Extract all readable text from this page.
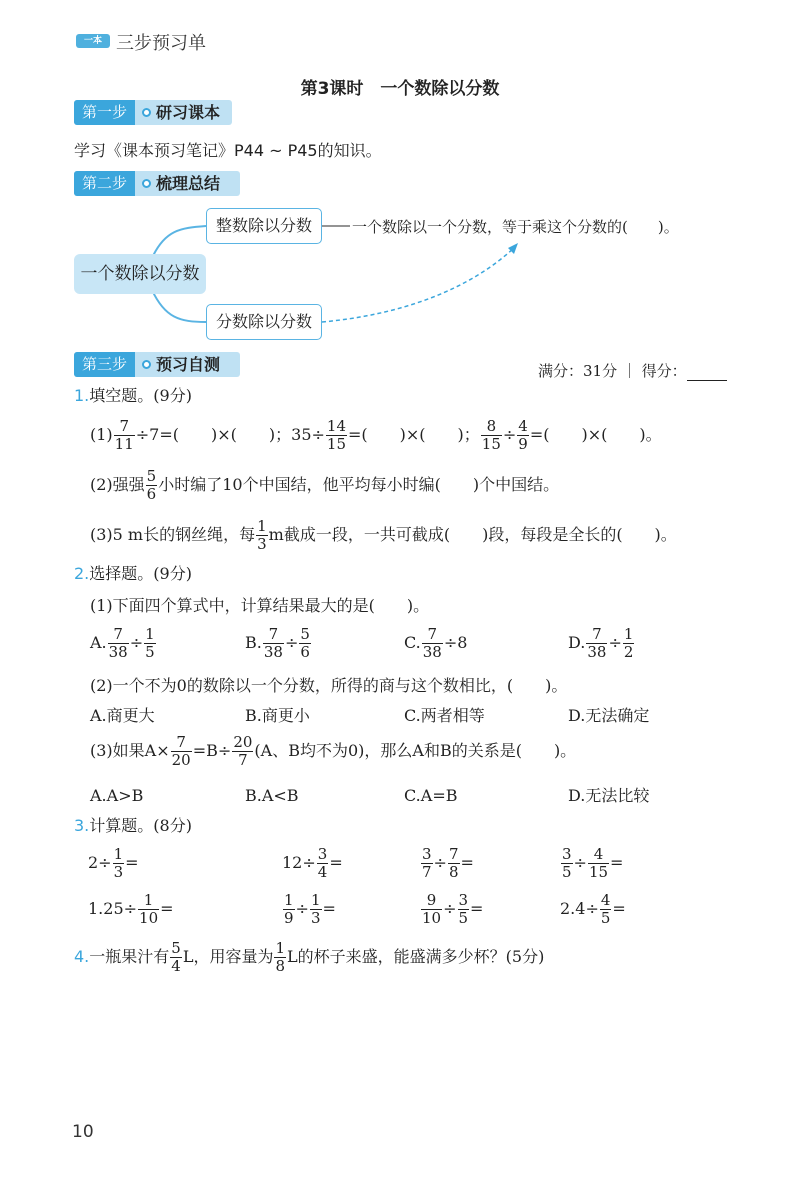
一本 三步预习单
第3课时　一个数除以分数
第一步	研习课本
学习《课本预习笔记》P44 ~ P45的知识。
第二步	梳理总结
一个数除以分数
整数除以分数
分数除以分数
一个数除以一个分数，等于乘这个分数的(　　)。
第三步	预习自测	满分：31分 ｜ 得分：
1.填空题。(9分)
$(1) \frac{7}{11} \div 7=$(　　)×(　　)；$35\div \frac{14}{15}$ =(　　)×(　　)； $\frac{8}{15} \div \frac{4}{9}$ =(　　)×(　　)。
(2)强强 $\frac{5}{6}$ 小时编了10个中国结，他平均每小时编(　　)个中国结。
(3)5 m长的钢丝绳，每 $\frac{1}{3}$ m截成一段，一共可截成(　　)段，每段是全长的(　　)。
2.选择题。(9分)
(1)下面四个算式中，计算结果最大的是(　　)。
A. $\frac{7}{38} \div \frac{1}{5}$	B. $\frac{7}{38} \div \frac{5}{6}$	C. $\frac{7}{38} \div 8$	D. $\frac{7}{38} \div \frac{1}{2}$
(2)一个不为0的数除以一个分数，所得的商与这个数相比，(　　)。
A.商更大	B.商更小	C.两者相等	D.无法确定
(3)如果$A\times \frac{7}{20} =B\div \frac{20}{7} (A$、B均不为0)，那么A和B的关系是(　　)。
A.A>B	B.A<B	C.A=B	D.无法比较
3.计算题。(8分)
$2\div \frac{1}{3}$ =	$12\div \frac{3}{4}$ =	$\frac{3}{7} \div \frac{7}{8}$ =	$\frac{3}{5} \div \frac{4}{15}$ =
$1.25\div \frac{1}{10}$ =	$\frac{1}{9} \div \frac{1}{3}$ =	$\frac{9}{10} \div \frac{3}{5}$ =	$2.4\div \frac{4}{5}$ =
4.一瓶果汁有 $\frac{5}{4}$ L，用容量为 $\frac{1}{8}$ L的杯子来盛，能盛满多少杯？(5分)
10
